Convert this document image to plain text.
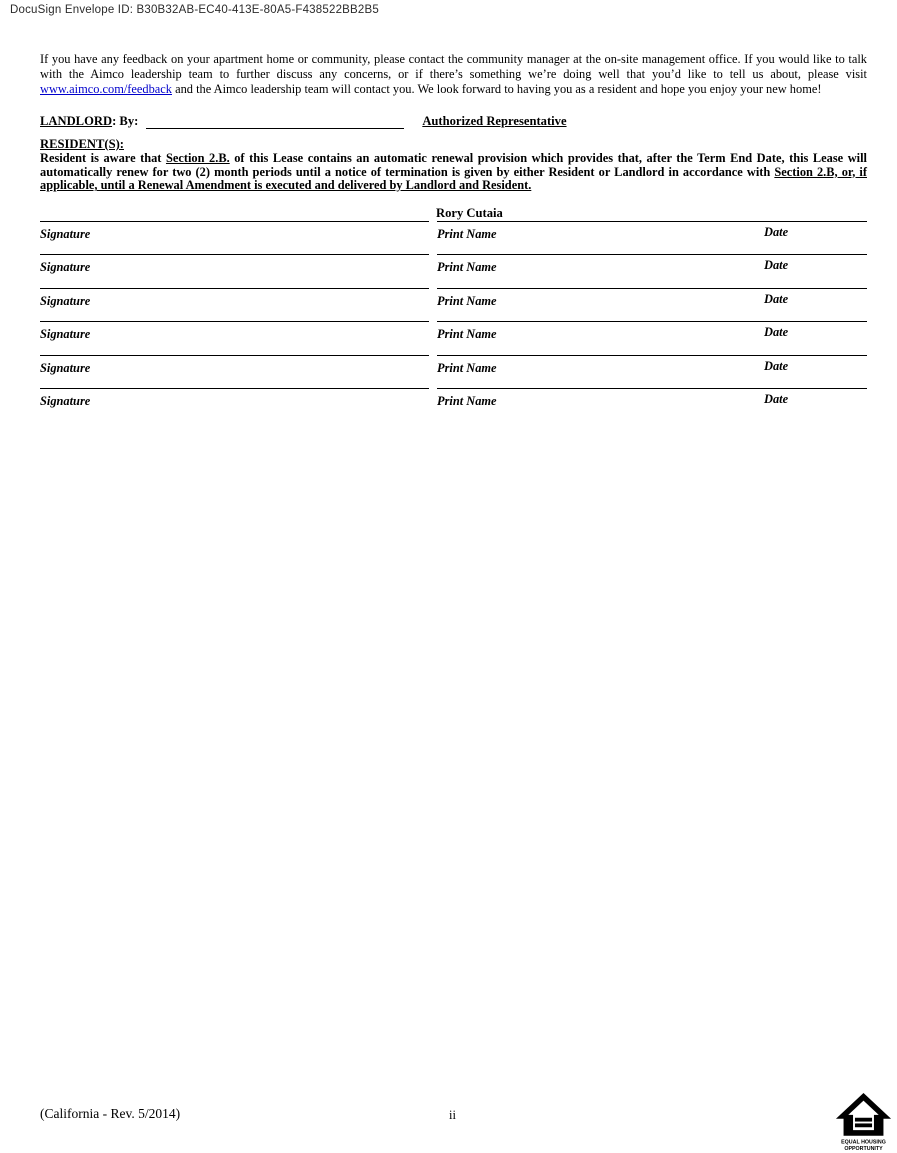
DocuSign Envelope ID: B30B32AB-EC40-413E-80A5-F438522BB2B5
If you have any feedback on your apartment home or community, please contact the community manager at the on-site management office. If you would like to talk with the Aimco leadership team to further discuss any concerns, or if there’s something we’re doing well that you’d like to tell us about, please visit www.aimco.com/feedback and the Aimco leadership team will contact you. We look forward to having you as a resident and hope you enjoy your new home!
LANDLORD: By:	Authorized Representative
RESIDENT(S):
Resident is aware that Section 2.B. of this Lease contains an automatic renewal provision which provides that, after the Term End Date, this Lease will automatically renew for two (2) month periods until a notice of termination is given by either Resident or Landlord in accordance with Section 2.B, or, if applicable, until a Renewal Amendment is executed and delivered by Landlord and Resident.
Rory Cutaia
Signature	Print Name	Date
Signature	Print Name	Date
Signature	Print Name	Date
Signature	Print Name	Date
Signature	Print Name	Date
Signature	Print Name	Date
(California - Rev. 5/2014)	ii
EQUAL HOUSING
OPPORTUNITY
